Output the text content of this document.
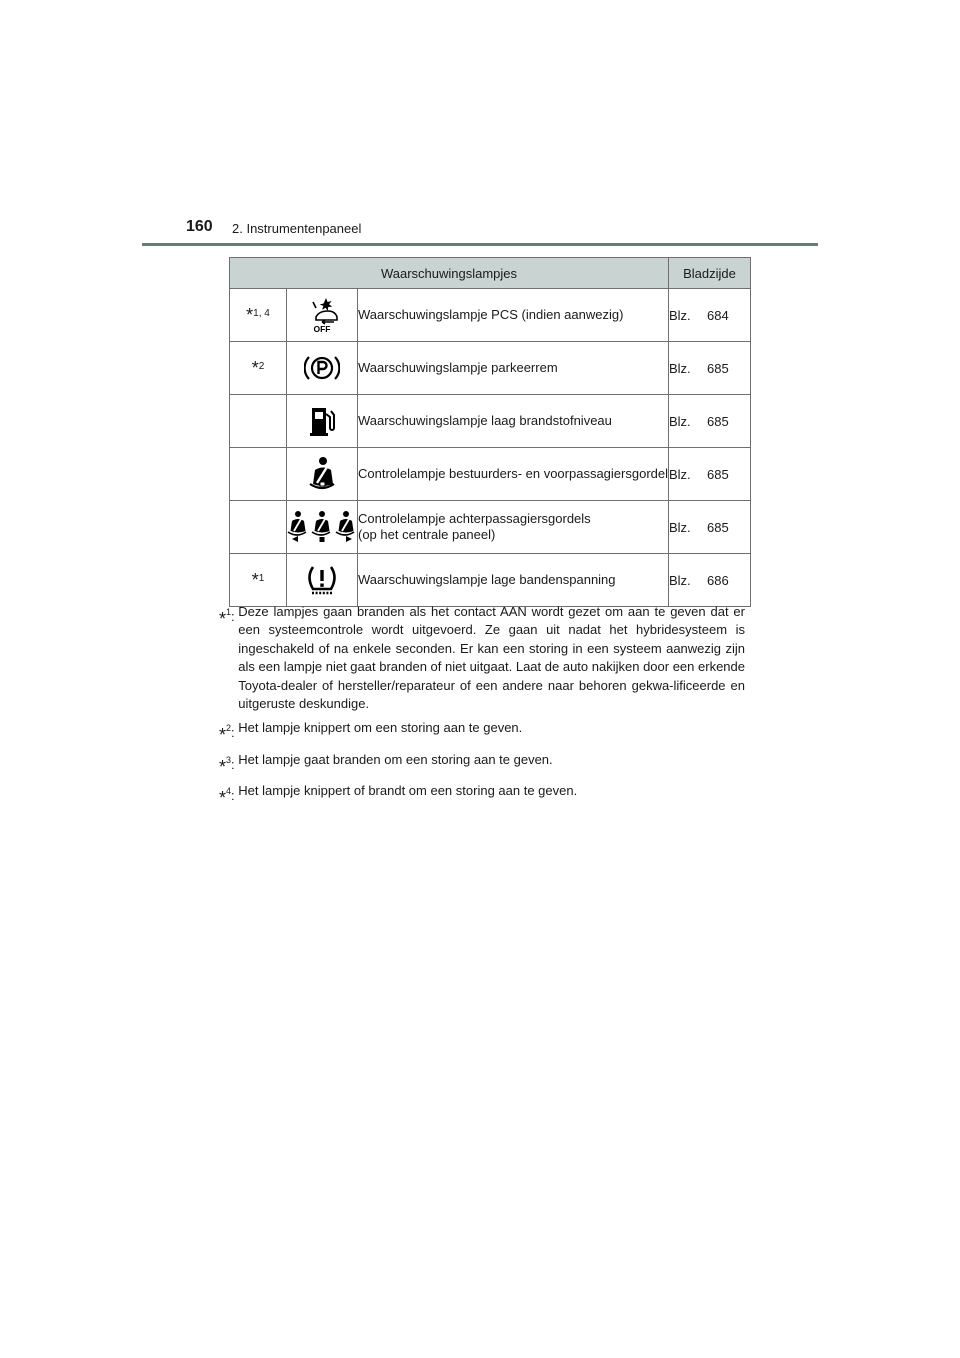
160 2. Instrumentenpaneel
Waarschuwingslampjes			Bladzijde
*1, 4	OFF	Waarschuwingslampje PCS (indien aanwezig)	Blz. 684
*2		Waarschuwingslampje parkeerrem	Blz. 685

	Waarschuwingslampje laag brandstofniveau	Blz. 685

	Controlelampje bestuurders- en voorpassagiersgordel	Blz. 685

	Controlelampje achterpassagiersgordels
(op het centrale paneel)	Blz. 685
*1		Waarschuwingslampje lage bandenspanning	Blz. 686
*$^1$: Deze lampjes gaan branden als het contact AAN wordt gezet om aan te geven dat er een systeemcontrole wordt uitgevoerd. Ze gaan uit nadat het hybridesysteem is ingeschakeld of na enkele seconden. Er kan een storing in een systeem aanwezig zijn als een lampje niet gaat branden of niet uitgaat. Laat de auto nakijken door een erkende Toyota-dealer of hersteller/reparateur of een andere naar behoren gekwa-lificeerde en uitgeruste deskundige.
*$^2$: Het lampje knippert om een storing aan te geven.
*$^3$: Het lampje gaat branden om een storing aan te geven.
*$^4$: Het lampje knippert of brandt om een storing aan te geven.
